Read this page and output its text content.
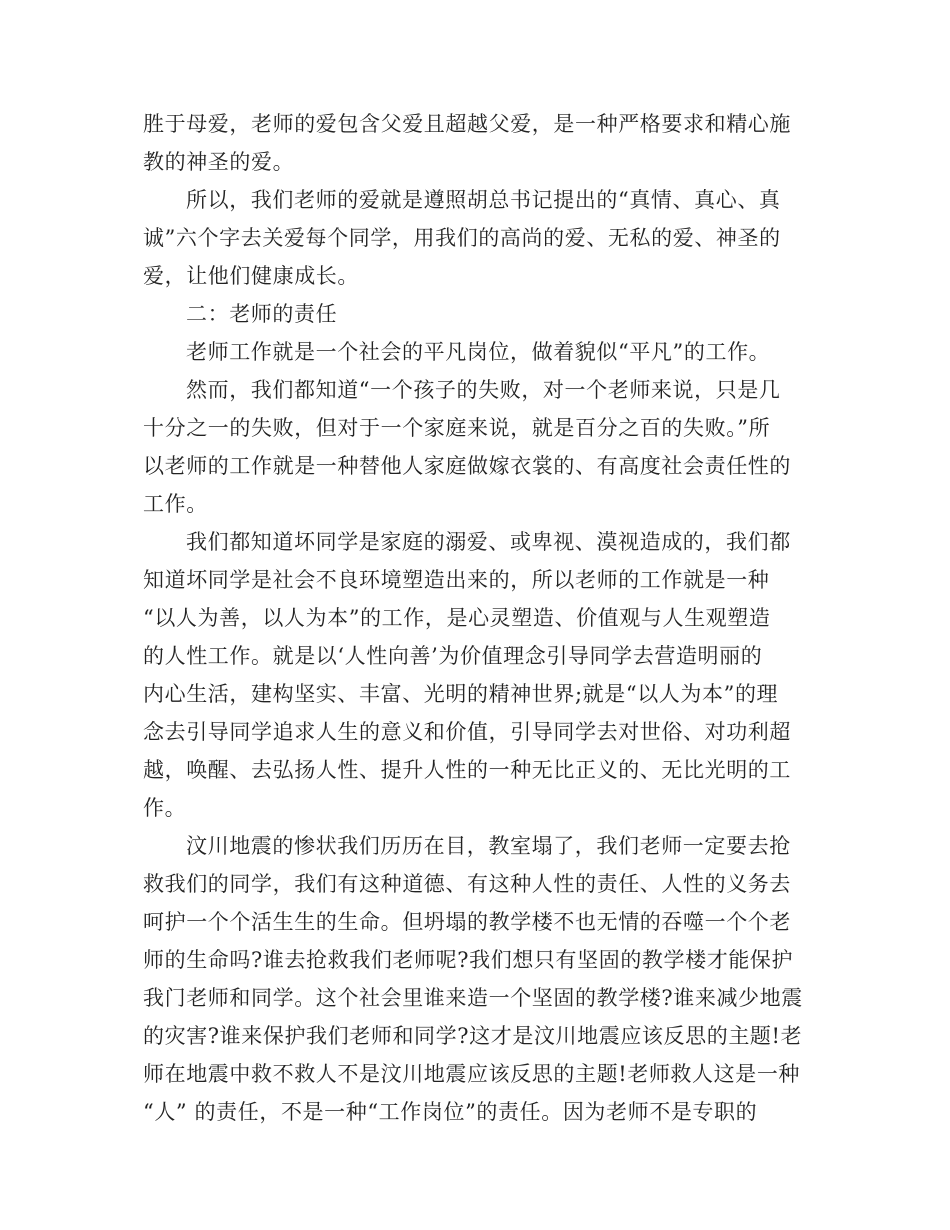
胜于母爱，老师的爱包含父爱且超越父爱，是一种严格要求和精心施
教的神圣的爱。
所以，我们老师的爱就是遵照胡总书记提出的“真情、真心、真
诚”六个字去关爱每个同学，用我们的高尚的爱、无私的爱、神圣的
爱，让他们健康成长。
二：老师的责任
老师工作就是一个社会的平凡岗位，做着貌似“平凡”的工作。
然而，我们都知道“一个孩子的失败，对一个老师来说，只是几
十分之一的失败，但对于一个家庭来说，就是百分之百的失败。”所
以老师的工作就是一种替他人家庭做嫁衣裳的、有高度社会责任性的
工作。
我们都知道坏同学是家庭的溺爱、或卑视、漠视造成的，我们都
知道坏同学是社会不良环境塑造出来的，所以老师的工作就是一种
“以人为善，以人为本”的工作，是心灵塑造、价值观与人生观塑造
的人性工作。就是以‘人性向善’为价值理念引导同学去营造明丽的
内心生活，建构坚实、丰富、光明的精神世界;就是“以人为本”的理
念去引导同学追求人生的意义和价值，引导同学去对世俗、对功利超
越，唤醒、去弘扬人性、提升人性的一种无比正义的、无比光明的工
作。
汶川地震的惨状我们历历在目，教室塌了，我们老师一定要去抢
救我们的同学，我们有这种道德、有这种人性的责任、人性的义务去
呵护一个个活生生的生命。但坍塌的教学楼不也无情的吞噬一个个老
师的生命吗?谁去抢救我们老师呢?我们想只有坚固的教学楼才能保护
我门老师和同学。这个社会里谁来造一个坚固的教学楼?谁来减少地震
的灾害?谁来保护我们老师和同学?这才是汶川地震应该反思的主题!老
师在地震中救不救人不是汶川地震应该反思的主题!老师救人这是一种
“人” 的责任，不是一种“工作岗位”的责任。因为老师不是专职的
